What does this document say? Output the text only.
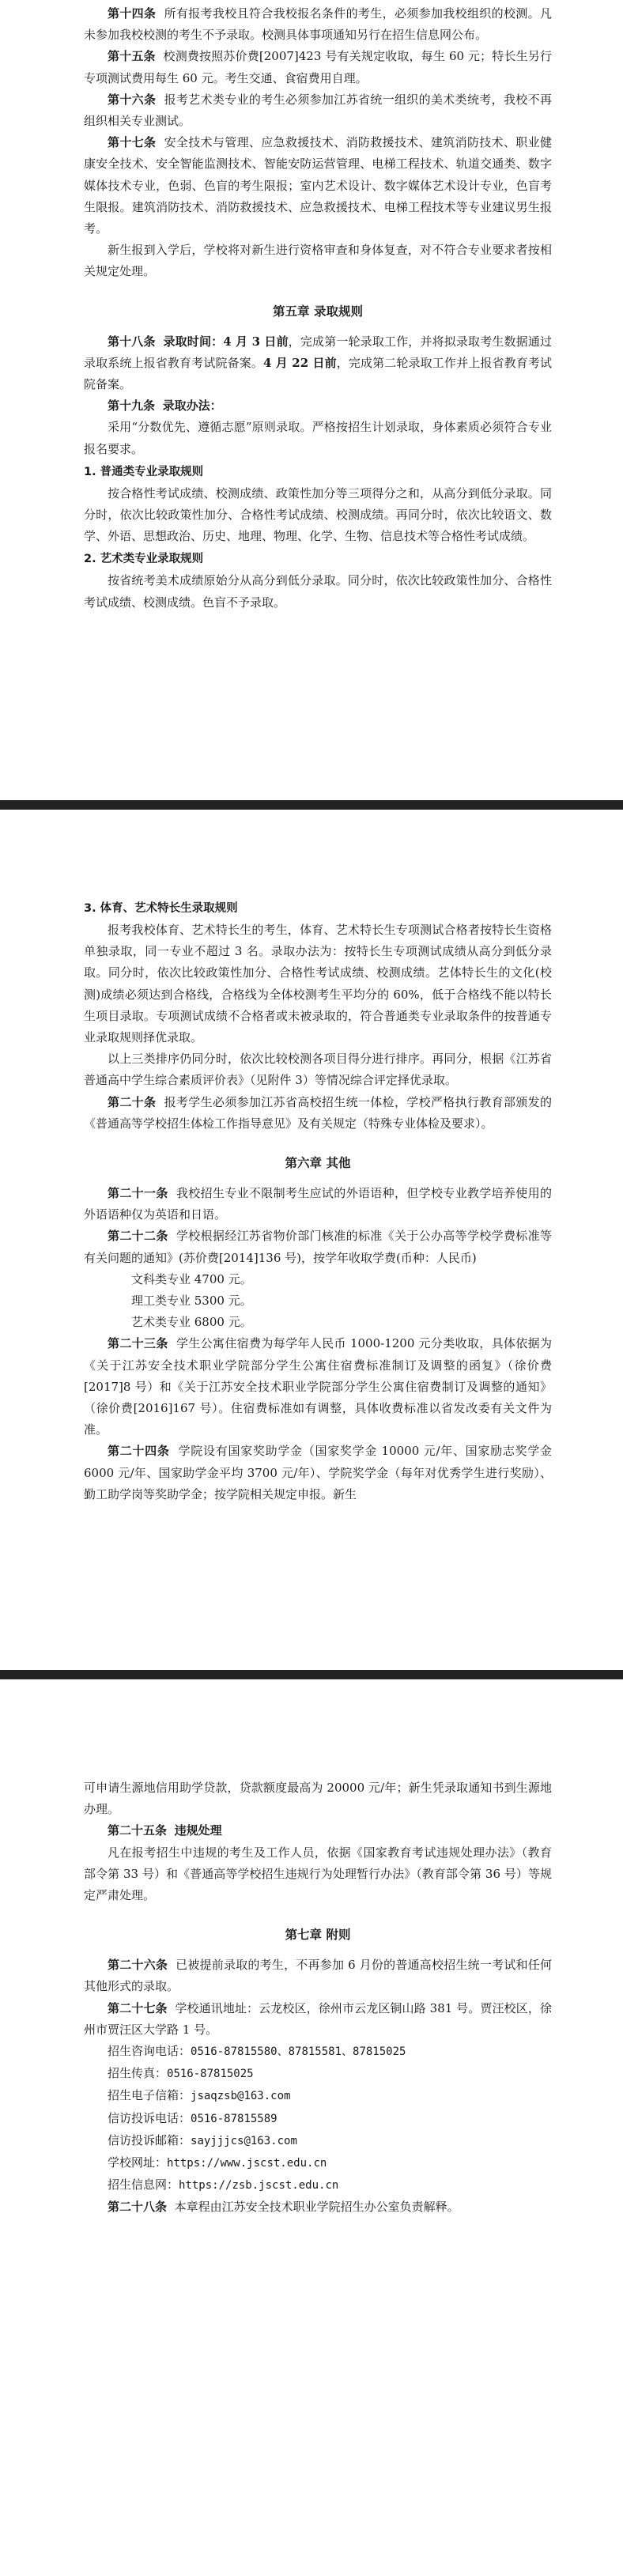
第十四条 所有报考我校且符合我校报名条件的考生，必须参加我校组织的校测。凡未参加我校校测的考生不予录取。校测具体事项通知另行在招生信息网公布。

第十五条 校测费按照苏价费[2007]423 号有关规定收取，每生 60 元；特长生另行专项测试费用每生 60 元。考生交通、食宿费用自理。

第十六条 报考艺术类专业的考生必须参加江苏省统一组织的美术类统考，我校不再组织相关专业测试。

第十七条 安全技术与管理、应急救援技术、消防救援技术、建筑消防技术、职业健康安全技术、安全智能监测技术、智能安防运营管理、电梯工程技术、轨道交通类、数字媒体技术专业，色弱、色盲的考生限报；室内艺术设计、数字媒体艺术设计专业，色盲考生限报。建筑消防技术、消防救援技术、应急救援技术、电梯工程技术等专业建议男生报考。

新生报到入学后，学校将对新生进行资格审查和身体复查，对不符合专业要求者按相关规定处理。

第五章 录取规则

第十八条 录取时间：4 月 3 日前，完成第一轮录取工作，并将拟录取考生数据通过录取系统上报省教育考试院备案。4 月 22 日前，完成第二轮录取工作并上报省教育考试院备案。

第十九条 录取办法：

采用“分数优先、遵循志愿”原则录取。严格按招生计划录取，身体素质必须符合专业报名要求。

1. 普通类专业录取规则

按合格性考试成绩、校测成绩、政策性加分等三项得分之和，从高分到低分录取。同分时，依次比较政策性加分、合格性考试成绩、校测成绩。再同分时，依次比较语文、数学、外语、思想政治、历史、地理、物理、化学、生物、信息技术等合格性考试成绩。

2. 艺术类专业录取规则

按省统考美术成绩原始分从高分到低分录取。同分时，依次比较政策性加分、合格性考试成绩、校测成绩。色盲不予录取。

3. 体育、艺术特长生录取规则

报考我校体育、艺术特长生的考生，体育、艺术特长生专项测试合格者按特长生资格单独录取，同一专业不超过 3 名。录取办法为：按特长生专项测试成绩从高分到低分录取。同分时，依次比较政策性加分、合格性考试成绩、校测成绩。艺体特长生的文化(校测)成绩必须达到合格线，合格线为全体校测考生平均分的 60%，低于合格线不能以特长生项目录取。专项测试成绩不合格者或未被录取的，符合普通类专业录取条件的按普通专业录取规则择优录取。

以上三类排序仍同分时，依次比较校测各项目得分进行排序。再同分，根据《江苏省普通高中学生综合素质评价表》（见附件 3）等情况综合评定择优录取。

第二十条 报考学生必须参加江苏省高校招生统一体检，学校严格执行教育部颁发的《普通高等学校招生体检工作指导意见》及有关规定（特殊专业体检及要求）。

第六章 其他

第二十一条 我校招生专业不限制考生应试的外语语种，但学校专业教学培养使用的外语语种仅为英语和日语。

第二十二条 学校根据经江苏省物价部门核准的标准《关于公办高等学校学费标准等有关问题的通知》(苏价费[2014]136 号)，按学年收取学费(币种：人民币)

文科类专业 4700 元。

理工类专业 5300 元。

艺术类专业 6800 元。

第二十三条 学生公寓住宿费为每学年人民币 1000-1200 元分类收取，具体依据为《关于江苏安全技术职业学院部分学生公寓住宿费标准制订及调整的函复》（徐价费[2017]8 号）和《关于江苏安全技术职业学院部分学生公寓住宿费制订及调整的通知》（徐价费[2016]167 号）。住宿费标准如有调整，具体收费标准以省发改委有关文件为准。

第二十四条 学院设有国家奖助学金（国家奖学金 10000 元/年、国家励志奖学金 6000 元/年、国家助学金平均 3700 元/年）、学院奖学金（每年对优秀学生进行奖励）、勤工助学岗等奖助学金；按学院相关规定申报。新生

可申请生源地信用助学贷款，贷款额度最高为 20000 元/年；新生凭录取通知书到生源地办理。

第二十五条 违规处理

凡在报考招生中违规的考生及工作人员，依据《国家教育考试违规处理办法》（教育部令第 33 号）和《普通高等学校招生违规行为处理暂行办法》（教育部令第 36 号）等规定严肃处理。

第七章 附则

第二十六条 已被提前录取的考生，不再参加 6 月份的普通高校招生统一考试和任何其他形式的录取。

第二十七条 学校通讯地址：云龙校区，徐州市云龙区铜山路 381 号。贾汪校区，徐州市贾汪区大学路 1 号。

招生咨询电话：0516-87815580、87815581、87815025

招生传真：0516-87815025

招生电子信箱：jsaqzsb@163.com

信访投诉电话：0516-87815589

信访投诉邮箱：sayjjjcs@163.com

学校网址：https://www.jscst.edu.cn

招生信息网：https://zsb.jscst.edu.cn

第二十八条 本章程由江苏安全技术职业学院招生办公室负责解释。
